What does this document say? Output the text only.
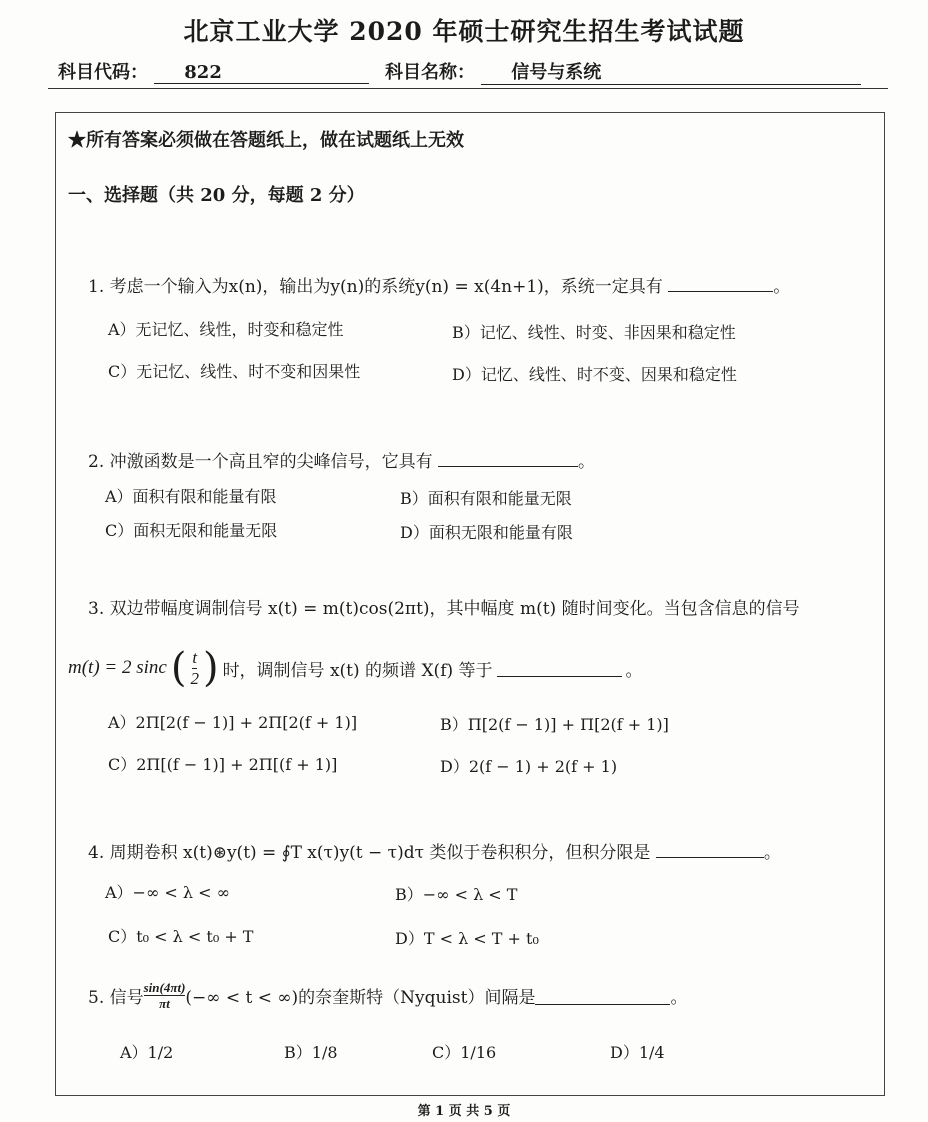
北京工业大学 2020 年硕士研究生招生考试试题
科目代码： 822	科目名称： 信号与系统
★所有答案必须做在答题纸上，做在试题纸上无效
一、选择题（共 20 分，每题 2 分）
1. 考虑一个输入为x(n)，输出为y(n)的系统y(n) = x(4n+1)，系统一定具有	。
A）无记忆、线性，时变和稳定性	B）记忆、线性、时变、非因果和稳定性
C）无记忆、线性、时不变和因果性	D）记忆、线性、时不变、因果和稳定性
2. 冲激函数是一个高且窄的尖峰信号，它具有	。
A）面积有限和能量有限	B）面积有限和能量无限
C）面积无限和能量无限	D）面积无限和能量有限
3. 双边带幅度调制信号 x(t) = m(t)cos(2πt)，其中幅度 m(t) 随时间变化。当包含信息的信号
m(t) = 2 sinc ( $\frac{t}{2}$ ) 时，调制信号 x(t) 的频谱 X(f) 等于	。
A）2Π[2(f − 1)] + 2Π[2(f + 1)]	B）Π[2(f − 1)] + Π[2(f + 1)]
C）2Π[(f − 1)] + 2Π[(f + 1)]	D）2(f − 1) + 2(f + 1)
4. 周期卷积 x(t)⊛y(t) = ∮T x(τ)y(t − τ)dτ 类似于卷积积分，但积分限是	。
A）−∞ < λ < ∞	B）−∞ < λ < T
C）t₀ < λ < t₀ + T	D）T < λ < T + t₀
5. 信号 $\frac{\sin(4\pi t)}{\pi t}$ (−∞ < t < ∞)的奈奎斯特（Nyquist）间隔是	。
A）1/2	B）1/8	C）1/16	D）1/4
第 1 页 共 5 页
